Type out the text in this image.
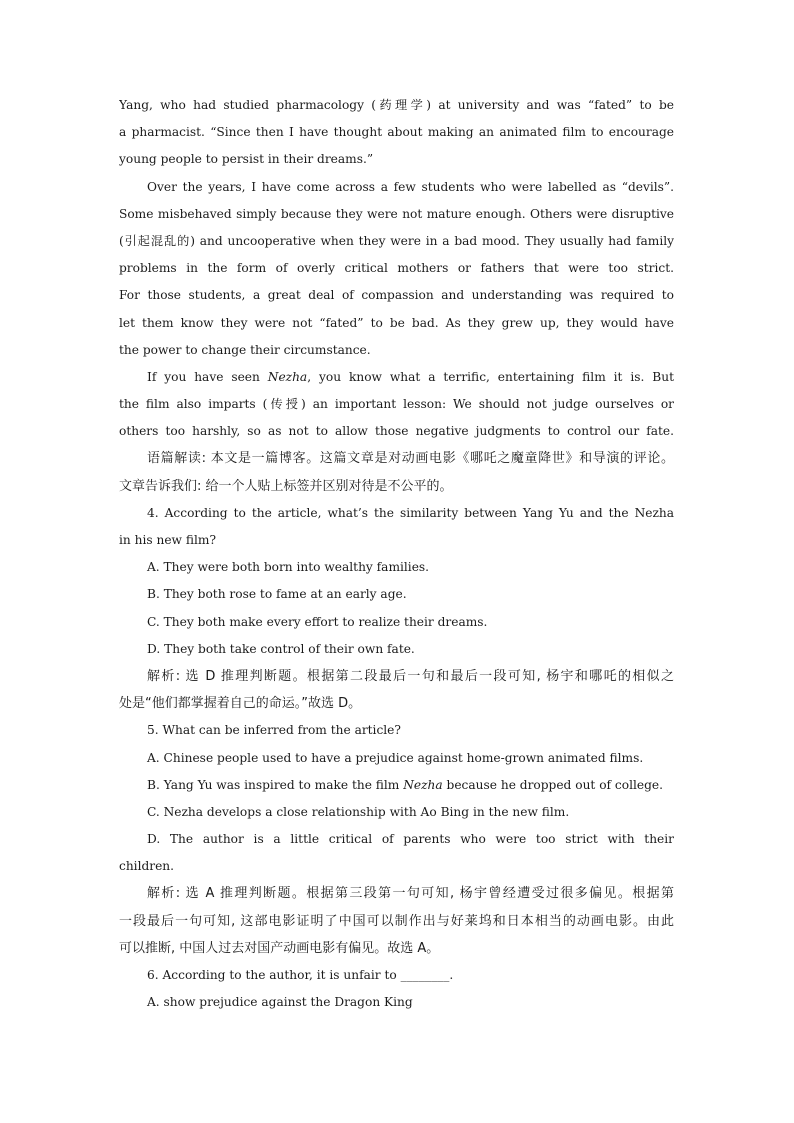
Yang, who had studied pharmacology (药理学) at university and was “fated” to be
a pharmacist. “Since then I have thought about making an animated film to encourage
young people to persist in their dreams.”
Over the years, I have come across a few students who were labelled as “devils”.
Some misbehaved simply because they were not mature enough. Others were disruptive
(引起混乱的) and uncooperative when they were in a bad mood. They usually had family
problems in the form of overly critical mothers or fathers that were too strict.
For those students, a great deal of compassion and understanding was required to
let them know they were not “fated” to be bad. As they grew up, they would have
the power to change their circumstance.
If you have seen Nezha, you know what a terrific, entertaining film it is. But
the film also imparts (传授) an important lesson: We should not judge ourselves or
others too harshly, so as not to allow those negative judgments to control our fate.
语篇解读: 本文是一篇博客。这篇文章是对动画电影《哪吒之魔童降世》和导演的评论。
文章告诉我们: 给一个人贴上标签并区别对待是不公平的。
4. According to the article, what’s the similarity between Yang Yu and the Nezha
in his new film?
A. They were both born into wealthy families.
B. They both rose to fame at an early age.
C. They both make every effort to realize their dreams.
D. They both take control of their own fate.
解析: 选 D 推理判断题。根据第二段最后一句和最后一段可知, 杨宇和哪吒的相似之
处是“他们都掌握着自己的命运。”故选 D。
5. What can be inferred from the article?
A. Chinese people used to have a prejudice against home-grown animated films.
B. Yang Yu was inspired to make the film Nezha because he dropped out of college.
C. Nezha develops a close relationship with Ao Bing in the new film.
D. The author is a little critical of parents who were too strict with their
children.
解析: 选 A 推理判断题。根据第三段第一句可知, 杨宇曾经遭受过很多偏见。根据第
一段最后一句可知, 这部电影证明了中国可以制作出与好莱坞和日本相当的动画电影。由此
可以推断, 中国人过去对国产动画电影有偏见。故选 A。
6. According to the author, it is unfair to ________.
A. show prejudice against the Dragon King
